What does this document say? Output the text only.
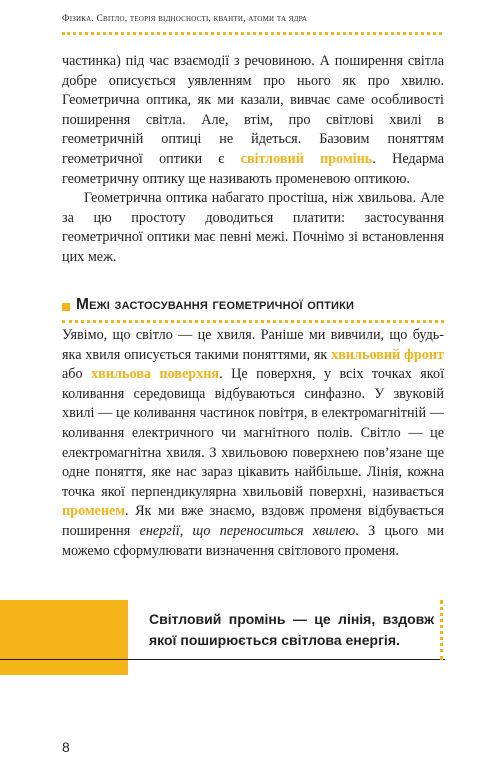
Фізика. Світло, теорія відносності, кванти, атоми та ядра

частинка) під час взаємодії з речовиною. А поширення світла добре описується уявленням про нього як про хвилю. Геометрична оптика, як ми казали, вивчає саме особливості поширення світла. Але, втім, про світлові хвилі в геометричній оптиці не йдеться. Базовим поняттям геометричної оптики є світловий промінь. Недарма геометричну оптику ще називають променевою оптикою.

Геометрична оптика набагато простіша, ніж хвильова. Але за цю простоту доводиться платити: застосування геометричної оптики має певні межі. Почнімо зі встановлення цих меж.

Межі застосування геометричної оптики

Уявімо, що світло — це хвиля. Раніше ми вивчили, що будь-яка хвиля описується такими поняттями, як хвильовий фронт або хвильова поверхня. Це поверхня, у всіх точках якої коливання середовища відбуваються синфазно. У звуковій хвилі — це коливання частинок повітря, в електромагнітній — коливання електричного чи магнітного полів. Світло — це електромагнітна хвиля. З хвильовою поверхнею пов’язане ще одне поняття, яке нас зараз цікавить найбільше. Лінія, кожна точка якої перпендикулярна хвильовій поверхні, називається променем. Як ми вже знаємо, вздовж променя відбувається поширення енергії, що переноситься хвилею. З цього ми можемо сформулювати визначення світлового променя.

Світловий промінь — це лінія, вздовж якої поширюється світлова енергія.

8
